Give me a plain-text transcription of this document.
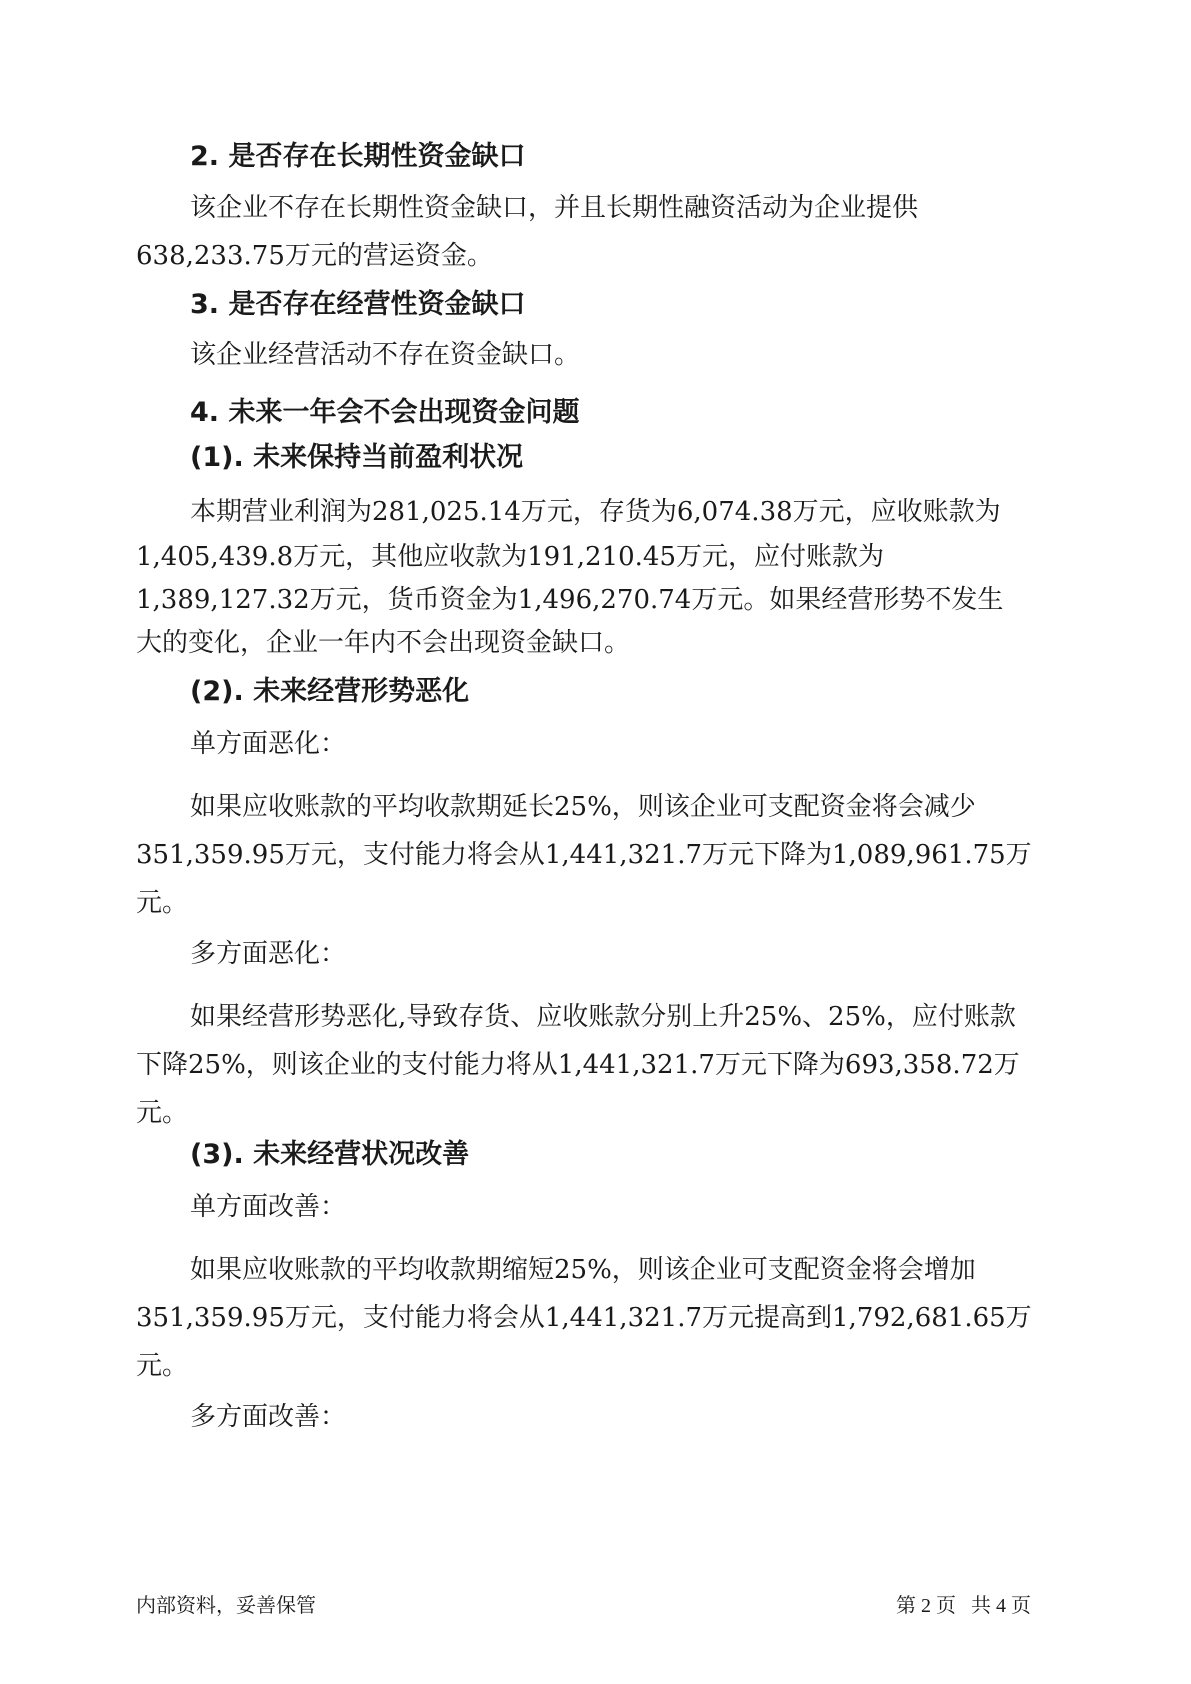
2. 是否存在长期性资金缺口
该企业不存在长期性资金缺口，并且长期性融资活动为企业提供
638,233.75万元的营运资金。
3. 是否存在经营性资金缺口
该企业经营活动不存在资金缺口。
4. 未来一年会不会出现资金问题
(1). 未来保持当前盈利状况
本期营业利润为281,025.14万元，存货为6,074.38万元，应收账款为
1,405,439.8万元，其他应收款为191,210.45万元，应付账款为
1,389,127.32万元，货币资金为1,496,270.74万元。如果经营形势不发生
大的变化，企业一年内不会出现资金缺口。
(2). 未来经营形势恶化
单方面恶化：
如果应收账款的平均收款期延长25%，则该企业可支配资金将会减少
351,359.95万元，支付能力将会从1,441,321.7万元下降为1,089,961.75万
元。
多方面恶化：
如果经营形势恶化,导致存货、应收账款分别上升25%、25%，应付账款
下降25%，则该企业的支付能力将从1,441,321.7万元下降为693,358.72万
元。
(3). 未来经营状况改善
单方面改善：
如果应收账款的平均收款期缩短25%，则该企业可支配资金将会增加
351,359.95万元，支付能力将会从1,441,321.7万元提高到1,792,681.65万
元。
多方面改善：
内部资料，妥善保管	第 2 页   共 4 页
